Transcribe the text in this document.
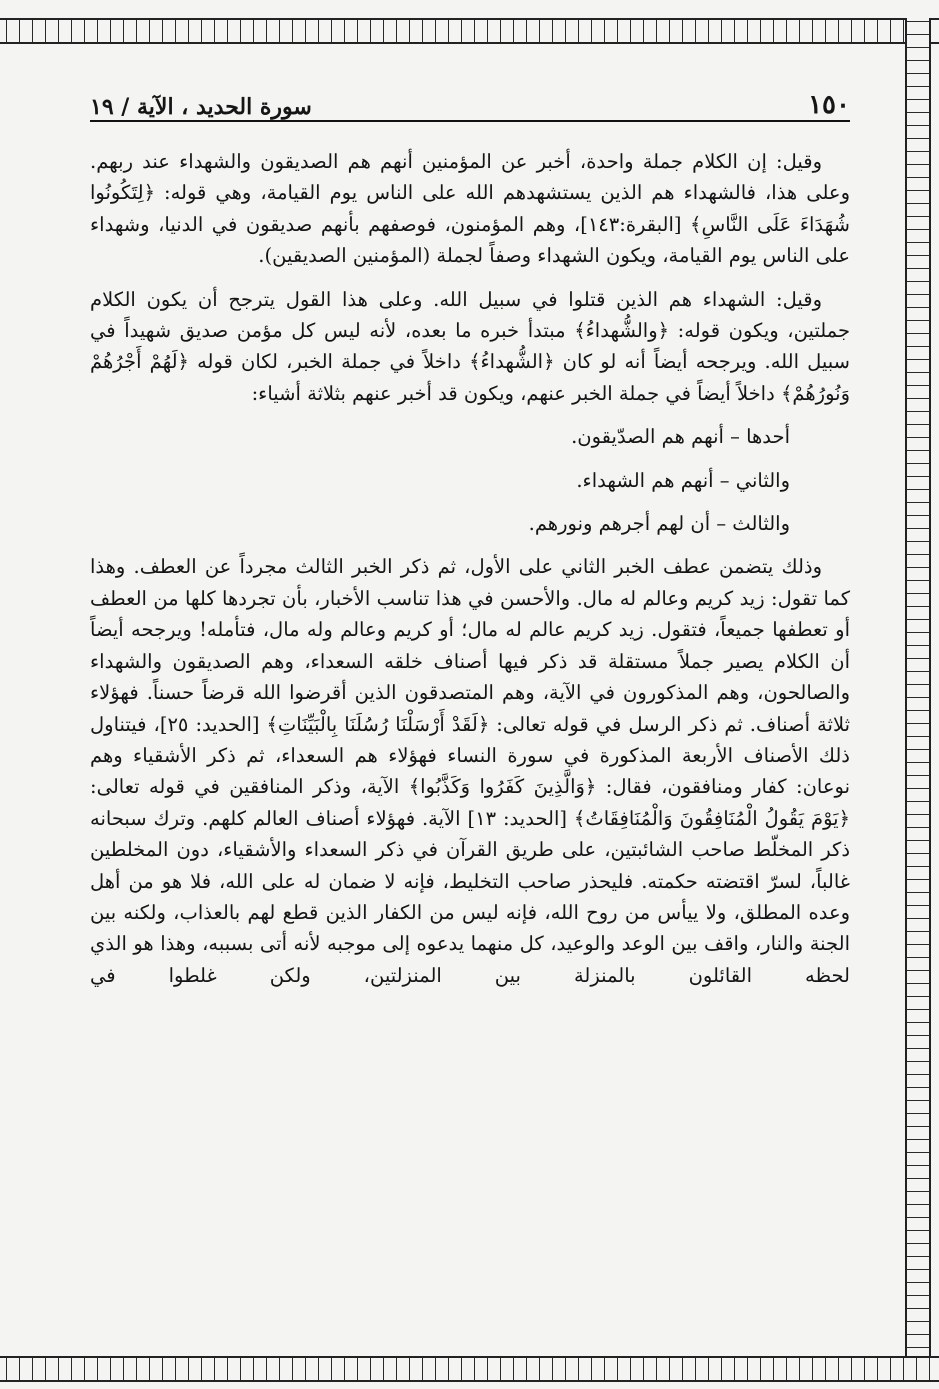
١٥٠
سورة الحديد ، الآية / ١٩

وقيل: إن الكلام جملة واحدة، أخبر عن المؤمنين أنهم هم الصديقون والشهداء عند ربهم. وعلى هذا، فالشهداء هم الذين يستشهدهم الله على الناس يوم القيامة، وهي قوله: ﴿لِتَكُونُوا شُهَدَاءَ عَلَى النَّاسِ﴾ [البقرة:١٤٣]، وهم المؤمنون، فوصفهم بأنهم صديقون في الدنيا، وشهداء على الناس يوم القيامة، ويكون الشهداء وصفاً لجملة (المؤمنين الصديقين).

وقيل: الشهداء هم الذين قتلوا في سبيل الله. وعلى هذا القول يترجح أن يكون الكلام جملتين، ويكون قوله: ﴿والشُّهداءُ﴾ مبتدأ خبره ما بعده، لأنه ليس كل مؤمن صديق شهيداً في سبيل الله. ويرجحه أيضاً أنه لو كان ﴿الشُّهداءُ﴾ داخلاً في جملة الخبر، لكان قوله ﴿لَهُمْ أَجْرُهُمْ وَنُورُهُمْ﴾ داخلاً أيضاً في جملة الخبر عنهم، ويكون قد أخبر عنهم بثلاثة أشياء:

أحدها – أنهم هم الصدّيقون.

والثاني – أنهم هم الشهداء.

والثالث – أن لهم أجرهم ونورهم.

وذلك يتضمن عطف الخبر الثاني على الأول، ثم ذكر الخبر الثالث مجرداً عن العطف. وهذا كما تقول: زيد كريم وعالم له مال. والأحسن في هذا تناسب الأخبار، بأن تجردها كلها من العطف أو تعطفها جميعاً، فتقول. زيد كريم عالم له مال؛ أو كريم وعالم وله مال، فتأمله! ويرجحه أيضاً أن الكلام يصير جملاً مستقلة قد ذكر فيها أصناف خلقه السعداء، وهم الصديقون والشهداء والصالحون، وهم المذكورون في الآية، وهم المتصدقون الذين أقرضوا الله قرضاً حسناً. فهؤلاء ثلاثة أصناف. ثم ذكر الرسل في قوله تعالى: ﴿لَقَدْ أَرْسَلْنَا رُسُلَنَا بِالْبَيِّنَاتِ﴾ [الحديد: ٢٥]، فيتناول ذلك الأصناف الأربعة المذكورة في سورة النساء فهؤلاء هم السعداء، ثم ذكر الأشقياء وهم نوعان: كفار ومنافقون، فقال: ﴿وَالَّذِينَ كَفَرُوا وَكَذَّبُوا﴾ الآية، وذكر المنافقين في قوله تعالى: ﴿يَوْمَ يَقُولُ الْمُنَافِقُونَ وَالْمُنَافِقَاتُ﴾ [الحديد: ١٣] الآية. فهؤلاء أصناف العالم كلهم. وترك سبحانه ذكر المخلّط صاحب الشائبتين، على طريق القرآن في ذكر السعداء والأشقياء، دون المخلطين غالباً، لسرّ اقتضته حكمته. فليحذر صاحب التخليط، فإنه لا ضمان له على الله، فلا هو من أهل وعده المطلق، ولا ييأس من روح الله، فإنه ليس من الكفار الذين قطع لهم بالعذاب، ولكنه بين الجنة والنار، واقف بين الوعد والوعيد، كل منهما يدعوه إلى موجبه لأنه أتى بسببه، وهذا هو الذي لحظه القائلون بالمنزلة بين المنزلتين، ولكن غلطوا في
